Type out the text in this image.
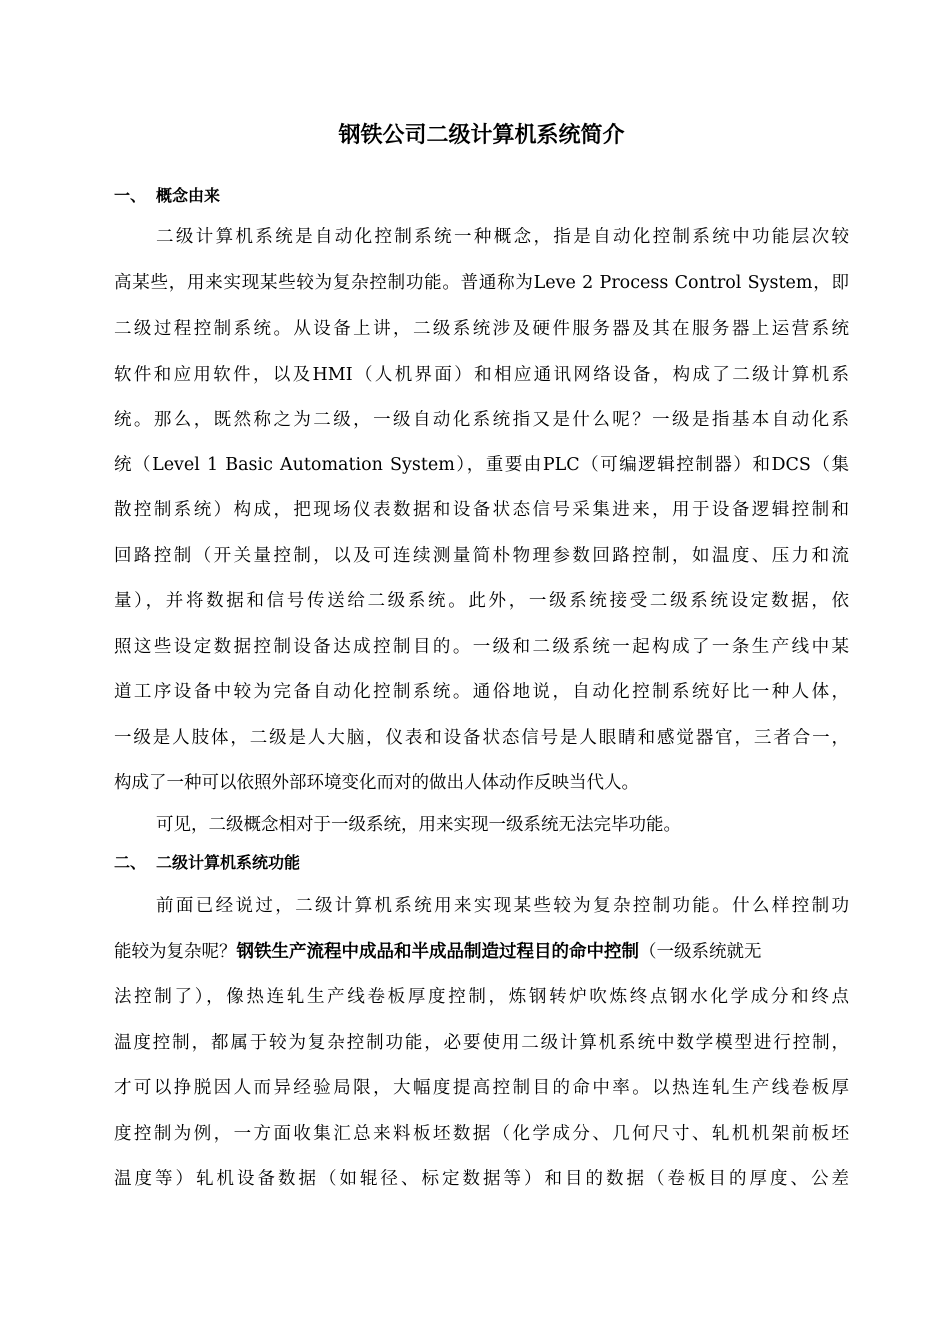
钢铁公司二级计算机系统简介
一、 概念由来
二级计算机系统是自动化控制系统一种概念，指是自动化控制系统中功能层次较
高某些，用来实现某些较为复杂控制功能。普通称为Leve 2 Process Control System，即
二级过程控制系统。从设备上讲，二级系统涉及硬件服务器及其在服务器上运营系统
软件和应用软件，以及HMI（人机界面）和相应通讯网络设备，构成了二级计算机系
统。那么，既然称之为二级，一级自动化系统指又是什么呢？一级是指基本自动化系
统（Level 1 Basic Automation System），重要由PLC（可编逻辑控制器）和DCS（集
散控制系统）构成，把现场仪表数据和设备状态信号采集进来，用于设备逻辑控制和
回路控制（开关量控制，以及可连续测量简朴物理参数回路控制，如温度、压力和流
量），并将数据和信号传送给二级系统。此外，一级系统接受二级系统设定数据，依
照这些设定数据控制设备达成控制目的。一级和二级系统一起构成了一条生产线中某
道工序设备中较为完备自动化控制系统。通俗地说，自动化控制系统好比一种人体，
一级是人肢体，二级是人大脑，仪表和设备状态信号是人眼睛和感觉器官，三者合一，
构成了一种可以依照外部环境变化而对的做出人体动作反映当代人。
可见，二级概念相对于一级系统，用来实现一级系统无法完毕功能。
二、 二级计算机系统功能
前面已经说过，二级计算机系统用来实现某些较为复杂控制功能。什么样控制功
能较为复杂呢？钢铁生产流程中成品和半成品制造过程目的命中控制（一级系统就无
法控制了），像热连轧生产线卷板厚度控制，炼钢转炉吹炼终点钢水化学成分和终点
温度控制，都属于较为复杂控制功能，必要使用二级计算机系统中数学模型进行控制，
才可以挣脱因人而异经验局限，大幅度提高控制目的命中率。以热连轧生产线卷板厚
度控制为例，一方面收集汇总来料板坯数据（化学成分、几何尺寸、轧机机架前板坯
温度等）轧机设备数据（如辊径、标定数据等）和目的数据（卷板目的厚度、公差
